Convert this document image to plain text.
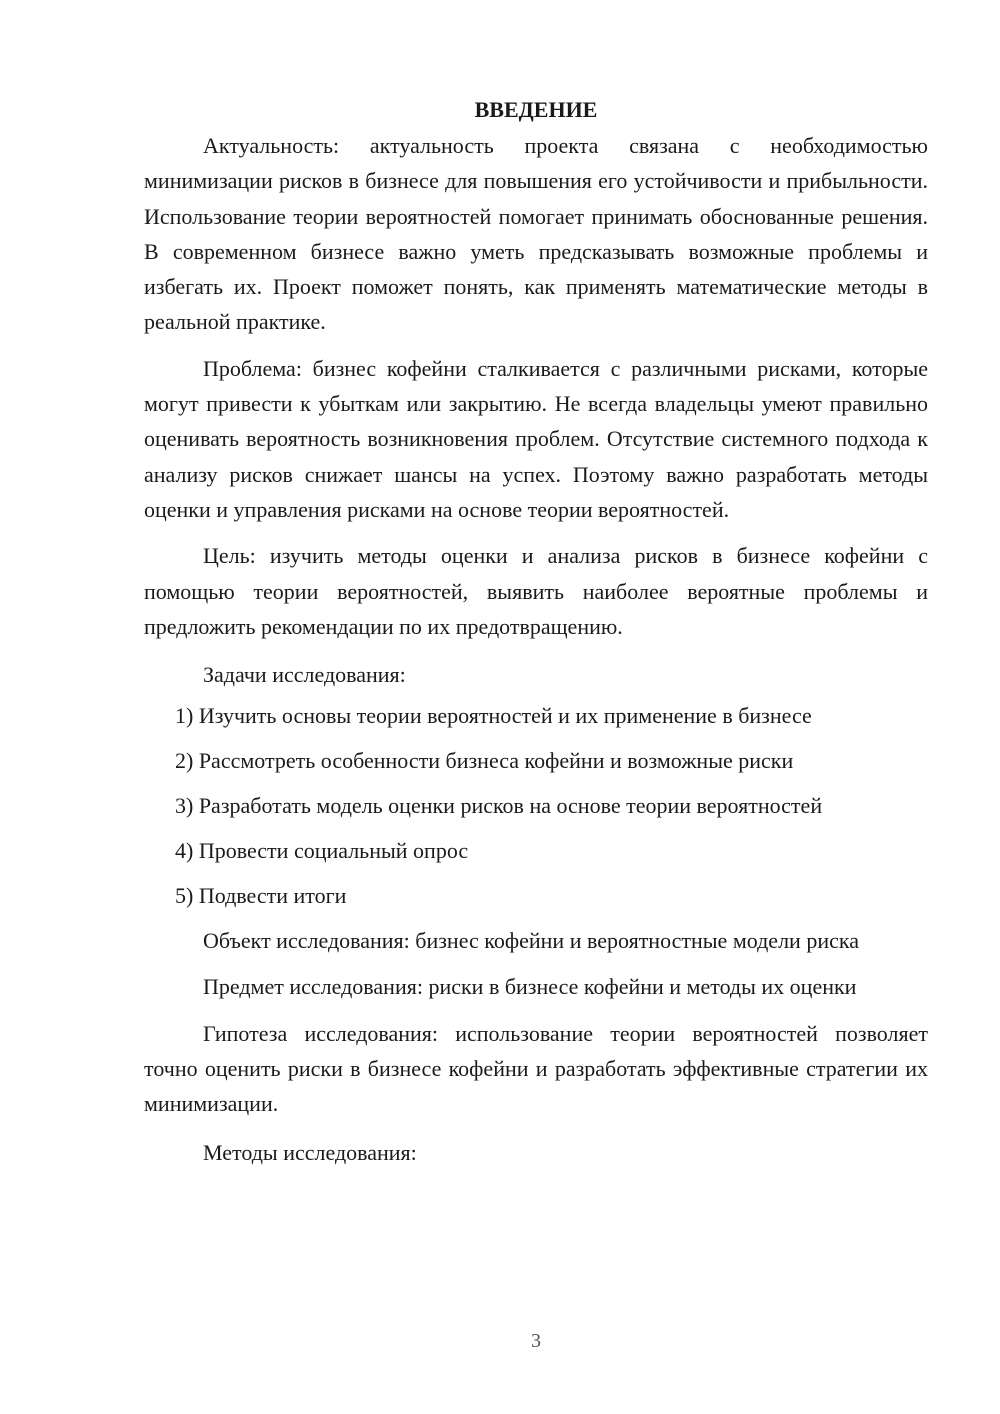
ВВЕДЕНИЕ

Актуальность: актуальность проекта связана с необходимостью минимизации рисков в бизнесе для повышения его устойчивости и прибыльности. Использование теории вероятностей помогает принимать обоснованные решения. В современном бизнесе важно уметь предсказывать возможные проблемы и избегать их. Проект поможет понять, как применять математические методы в реальной практике.

Проблема: бизнес кофейни сталкивается с различными рисками, которые могут привести к убыткам или закрытию. Не всегда владельцы умеют правильно оценивать вероятность возникновения проблем. Отсутствие системного подхода к анализу рисков снижает шансы на успех. Поэтому важно разработать методы оценки и управления рисками на основе теории вероятностей.

Цель: изучить методы оценки и анализа рисков в бизнесе кофейни с помощью теории вероятностей, выявить наиболее вероятные проблемы и предложить рекомендации по их предотвращению.

Задачи исследования:

1) Изучить основы теории вероятностей и их применение в бизнесе
2) Рассмотреть особенности бизнеса кофейни и возможные риски
3) Разработать модель оценки рисков на основе теории вероятностей
4) Провести социальный опрос
5) Подвести итоги

Объект исследования: бизнес кофейни и вероятностные модели риска

Предмет исследования: риски в бизнесе кофейни и методы их оценки

Гипотеза исследования: использование теории вероятностей позволяет точно оценить риски в бизнесе кофейни и разработать эффективные стратегии их минимизации.

Методы исследования:

3
